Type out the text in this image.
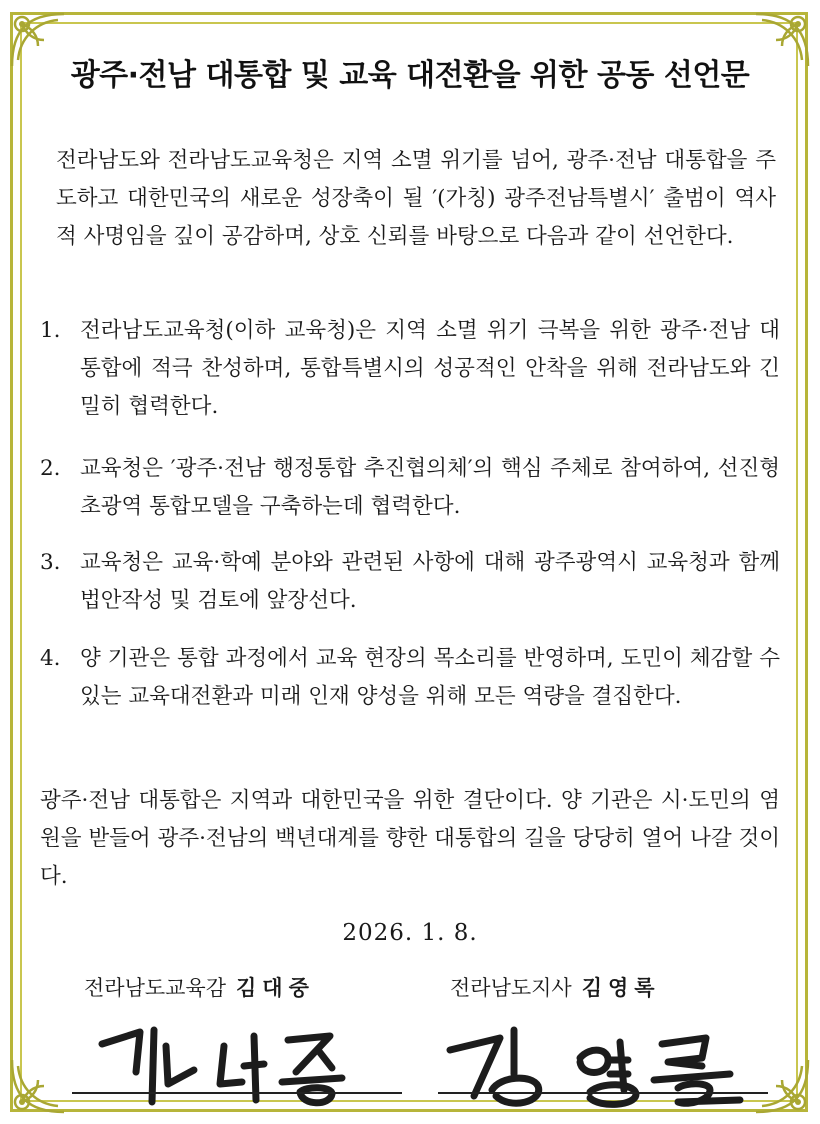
광주·전남 대통합 및 교육 대전환을 위한 공동 선언문
전라남도와 전라남도교육청은 지역 소멸 위기를 넘어, 광주·전남 대통합을 주도하고 대한민국의 새로운 성장축이 될 ′(가칭) 광주전남특별시′ 출범이 역사적 사명임을 깊이 공감하며, 상호 신뢰를 바탕으로 다음과 같이 선언한다.
1. 전라남도교육청(이하 교육청)은 지역 소멸 위기 극복을 위한 광주·전남 대통합에 적극 찬성하며, 통합특별시의 성공적인 안착을 위해 전라남도와 긴밀히 협력한다.
2. 교육청은 ′광주·전남 행정통합 추진협의체′의 핵심 주체로 참여하여, 선진형 초광역 통합모델을 구축하는데 협력한다.
3. 교육청은 교육·학예 분야와 관련된 사항에 대해 광주광역시 교육청과 함께 법안작성 및 검토에 앞장선다.
4. 양 기관은 통합 과정에서 교육 현장의 목소리를 반영하며, 도민이 체감할 수 있는 교육대전환과 미래 인재 양성을 위해 모든 역량을 결집한다.
광주·전남 대통합은 지역과 대한민국을 위한 결단이다. 양 기관은 시·도민의 염원을 받들어 광주·전남의 백년대계를 향한 대통합의 길을 당당히 열어 나갈 것이다.
2026. 1. 8.
전라남도교육감 김대중	전라남도지사 김영록
